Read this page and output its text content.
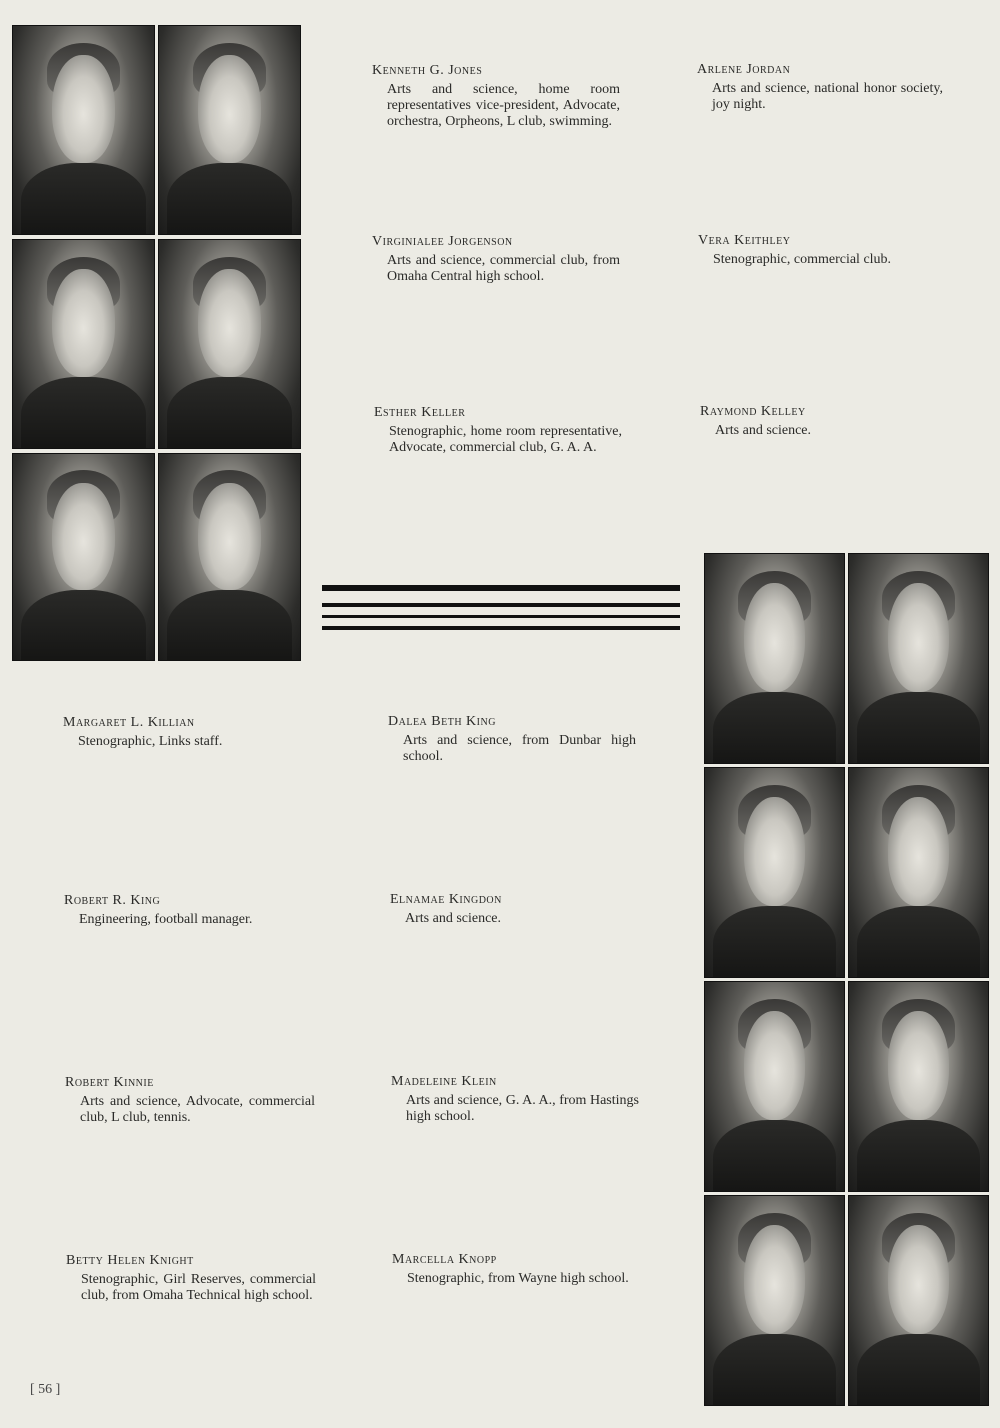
Kenneth G. Jones

Arts and science, home room representatives vice-president, Advocate, orchestra, Orpheons, L club, swimming.

Arlene Jordan

Arts and science, national honor society, joy night.

Virginialee Jorgenson

Arts and science, commercial club, from Omaha Central high school.

Vera Keithley

Stenographic, commercial club.

Esther Keller

Stenographic, home room representative, Advocate, commercial club, G. A. A.

Raymond Kelley

Arts and science.

Margaret L. Killian

Stenographic, Links staff.

Dalea Beth King

Arts and science, from Dunbar high school.

Robert R. King

Engineering, football manager.

Elnamae Kingdon

Arts and science.

Robert Kinnie

Arts and science, Advocate, commercial club, L club, tennis.

Madeleine Klein

Arts and science, G. A. A., from Hastings high school.

Betty Helen Knight

Stenographic, Girl Reserves, commercial club, from Omaha Technical high school.

Marcella Knopp

Stenographic, from Wayne high school.

[ 56 ]
